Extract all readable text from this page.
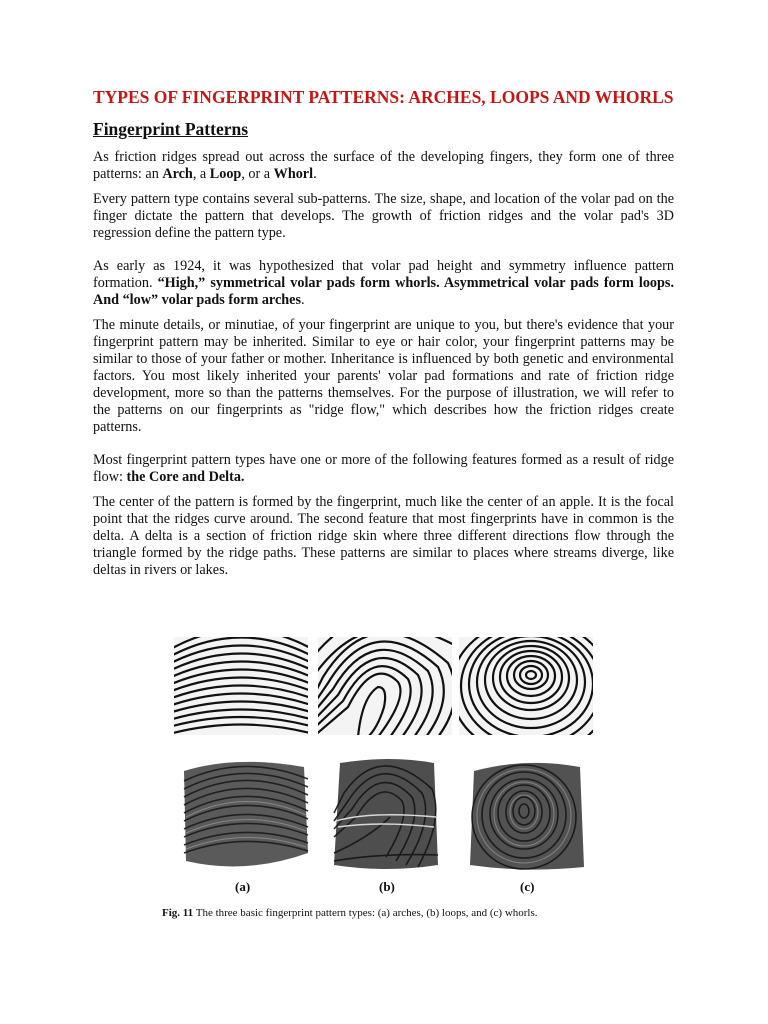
TYPES OF FINGERPRINT PATTERNS: ARCHES, LOOPS AND WHORLS
Fingerprint Patterns

As friction ridges spread out across the surface of the developing fingers, they form one of three patterns: an Arch, a Loop, or a Whorl.

Every pattern type contains several sub-patterns. The size, shape, and location of the volar pad on the finger dictate the pattern that develops. The growth of friction ridges and the volar pad's 3D regression define the pattern type.

As early as 1924, it was hypothesized that volar pad height and symmetry influence pattern formation. “High,” symmetrical volar pads form whorls. Asymmetrical volar pads form loops. And “low” volar pads form arches.

The minute details, or minutiae, of your fingerprint are unique to you, but there's evidence that your fingerprint pattern may be inherited. Similar to eye or hair color, your fingerprint patterns may be similar to those of your father or mother. Inheritance is influenced by both genetic and environmental factors. You most likely inherited your parents' volar pad formations and rate of friction ridge development, more so than the patterns themselves. For the purpose of illustration, we will refer to the patterns on our fingerprints as "ridge flow," which describes how the friction ridges create patterns.

Most fingerprint pattern types have one or more of the following features formed as a result of ridge flow: the Core and Delta.

The center of the pattern is formed by the fingerprint, much like the center of an apple. It is the focal point that the ridges curve around. The second feature that most fingerprints have in common is the delta. A delta is a section of friction ridge skin where three different directions flow through the triangle formed by the ridge paths. These patterns are similar to places where streams diverge, like deltas in rivers or lakes.

(a)	(b)	(c)
Fig. 11 The three basic fingerprint pattern types: (a) arches, (b) loops, and (c) whorls.
